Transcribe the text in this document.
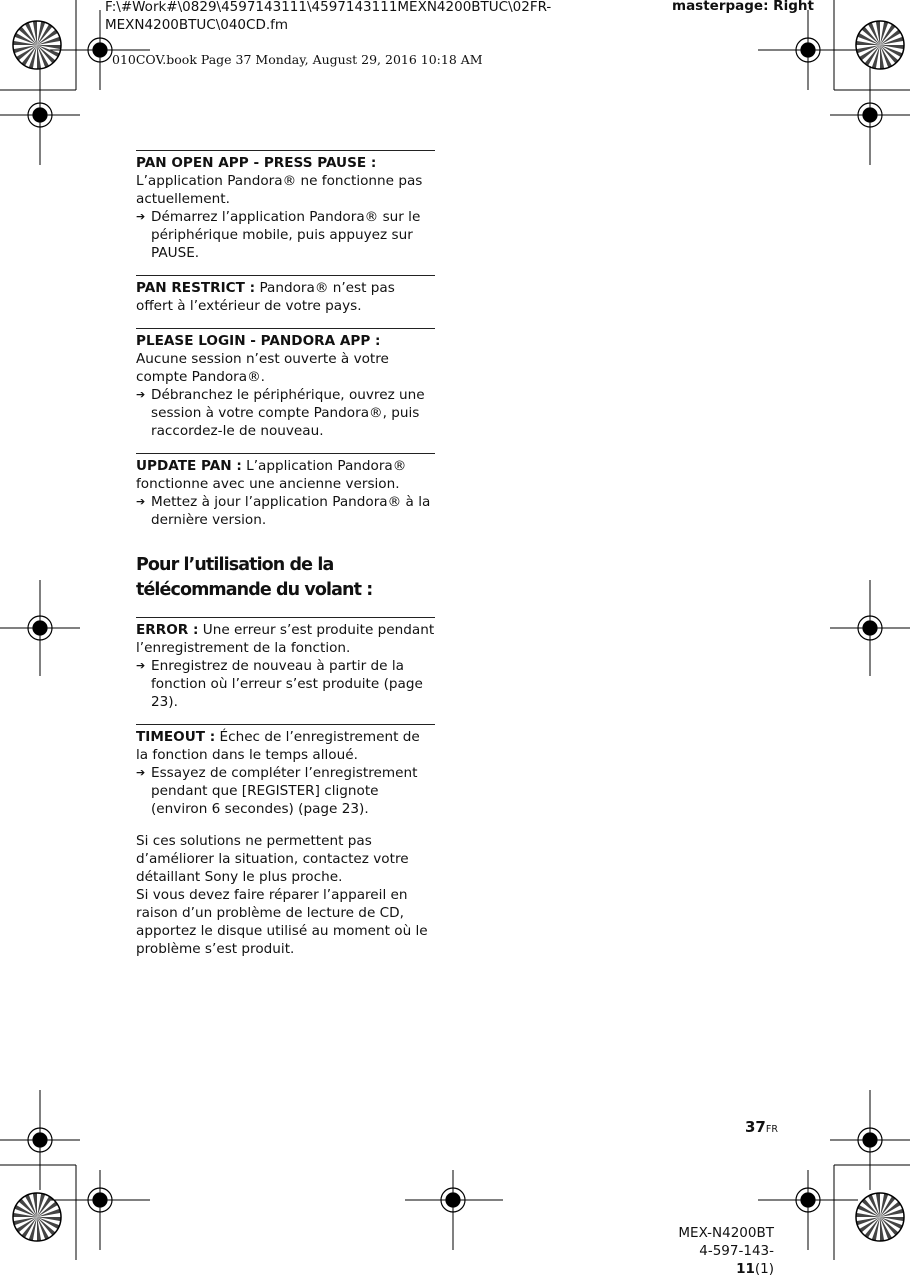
F:\#Work#\0829\4597143111\4597143111MEXN4200BTUC\02FR-
MEXN4200BTUC\040CD.fm
masterpage: Right
010COV.book Page 37 Monday, August 29, 2016 10:18 AM
PAN OPEN APP - PRESS PAUSE : L’application Pandora® ne fonctionne pas actuellement.
➔ Démarrez l’application Pandora® sur le périphérique mobile, puis appuyez sur PAUSE.
PAN RESTRICT : Pandora® n’est pas offert à l’extérieur de votre pays.
PLEASE LOGIN - PANDORA APP : Aucune session n’est ouverte à votre compte Pandora®.
➔ Débranchez le périphérique, ouvrez une session à votre compte Pandora®, puis raccordez-le de nouveau.
UPDATE PAN : L’application Pandora® fonctionne avec une ancienne version.
➔ Mettez à jour l’application Pandora® à la dernière version.
Pour l’utilisation de la télécommande du volant :
ERROR : Une erreur s’est produite pendant l’enregistrement de la fonction.
➔ Enregistrez de nouveau à partir de la fonction où l’erreur s’est produite (page 23).
TIMEOUT : Échec de l’enregistrement de la fonction dans le temps alloué.
➔ Essayez de compléter l’enregistrement pendant que [REGISTER] clignote (environ 6 secondes) (page 23).
Si ces solutions ne permettent pas d’améliorer la situation, contactez votre détaillant Sony le plus proche.
Si vous devez faire réparer l’appareil en raison d’un problème de lecture de CD, apportez le disque utilisé au moment où le problème s’est produit.
37FR
MEX-N4200BT
4-597-143-11(1)
